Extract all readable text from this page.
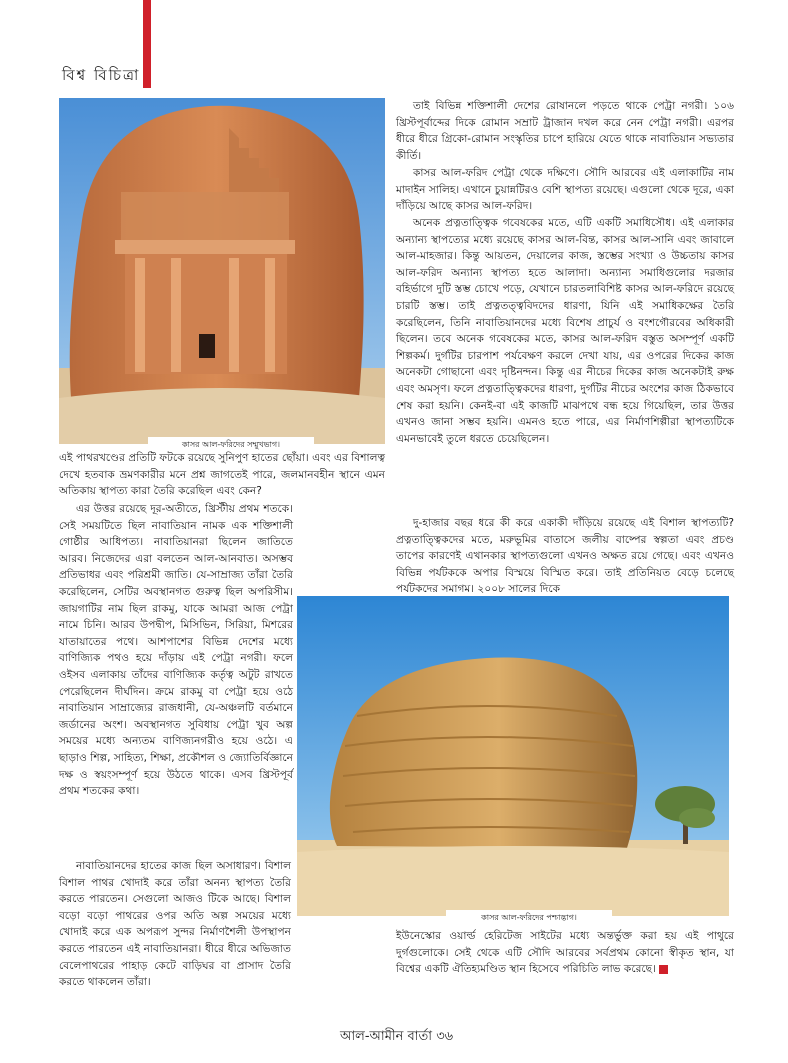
বিশ্ব বিচিত্রা
কাসর আল-ফরিদের সম্মুখভাগ।
কাসর আল-ফরিদের পশ্চাদ্ভাগ।

তাই বিভিন্ন শক্তিশালী দেশের রোষানলে পড়তে থাকে পেট্রা নগরী। ১০৬ খ্রিস্টপূর্বাব্দের দিকে রোমান সম্রাট ট্রাজান দখল করে নেন পেট্রা নগরী। এরপর ধীরে ধীরে গ্রিকো-রোমান সংস্কৃতির চাপে হারিয়ে যেতে থাকে নাবাতিয়ান সভ্যতার কীর্তি।

কাসর আল-ফরিদ পেট্রা থেকে দক্ষিণে। সৌদি আরবের এই এলাকাটির নাম মাদাইন সালিহ। এখানে চুয়ান্নটিরও বেশি স্থাপত্য রয়েছে। এগুলো থেকে দূরে, একা দাঁড়িয়ে আছে কাসর আল-ফরিদ।

অনেক প্রত্নতাত্ত্বিক গবেষকের মতে, এটি একটি সমাধিসৌধ। এই এলাকার অন্যান্য স্থাপত্যের মধ্যে রয়েছে কাসর আল-বিন্ত, কাসর আল-সানি এবং জাবালে আল-মাহজার। কিন্তু আয়তন, দেয়ালের কাজ, স্তম্ভের সংখ্যা ও উচ্চতায় কাসর আল-ফরিদ অন্যান্য স্থাপত্য হতে আলাদা। অন্যান্য সমাধিগুলোর দরজার বহির্ভাগে দুটি স্তম্ভ চোখে পড়ে, যেখানে চারতলাবিশিষ্ট কাসর আল-ফরিদে রয়েছে চারটি স্তম্ভ। তাই প্রত্নতত্ত্ববিদদের ধারণা, যিনি এই সমাধিকক্ষের তৈরি করেছিলেন, তিনি নাবাতিয়ানদের মধ্যে বিশেষ প্রাচুর্য ও বংশগৌরবের অধিকারী ছিলেন। তবে অনেক গবেষকের মতে, কাসর আল-ফরিদ বস্তুত অসম্পূর্ণ একটি শিল্পকর্ম। দুর্গটির চারপাশ পর্যবেক্ষণ করলে দেখা যায়, এর ওপরের দিকের কাজ অনেকটা গোছানো এবং দৃষ্টিনন্দন। কিন্তু এর নীচের দিকের কাজ অনেকটাই রুক্ষ এবং অমসৃণ। ফলে প্রত্নতাত্ত্বিকদের ধারণা, দুর্গটির নীচের অংশের কাজ ঠিকভাবে শেষ করা হয়নি। কেনই-বা এই কাজটি মাঝপথে বন্ধ হয়ে গিয়েছিল, তার উত্তর এখনও জানা সম্ভব হয়নি। এমনও হতে পারে, এর নির্মাণশিল্পীরা স্থাপত্যটিকে এমনভাবেই তুলে ধরতে চেয়েছিলেন।

দু-হাজার বছর ধরে কী করে একাকী দাঁড়িয়ে রয়েছে এই বিশাল স্থাপত্যটি? প্রত্নতাত্ত্বিকদের মতে, মরুভূমির বাতাসে জলীয় বাষ্পের স্বল্পতা এবং প্রচণ্ড তাপের কারণেই এখানকার স্থাপত্যগুলো এখনও অক্ষত রয়ে গেছে। এবং এখনও বিভিন্ন পর্যটককে অপার বিস্ময়ে বিস্মিত করে। তাই প্রতিনিয়ত বেড়ে চলেছে পর্যটকদের সমাগম। ২০০৮ সালের দিকে

এই পাথরখণ্ডের প্রতিটি ফটকে রয়েছে সুনিপুণ হাতের ছোঁয়া। এবং এর বিশালত্ব দেখে হতবাক ভ্রমণকারীর মনে প্রশ্ন জাগতেই পারে, জলমানবহীন স্থানে এমন অতিকায় স্থাপত্য কারা তৈরি করেছিল এবং কেন?

এর উত্তর রয়েছে দূর-অতীতে, খ্রিস্টীয় প্রথম শতকে। সেই সময়টিতে ছিল নাবাতিয়ান নামক এক শক্তিশালী গোষ্ঠীর আধিপত্য। নাবাতিয়ানরা ছিলেন জাতিতে আরব। নিজেদের এরা বলতেন আল-আনবাত। অসম্ভব প্রতিভাধর এবং পরিশ্রমী জাতি। যে-সাম্রাজ্য তাঁরা তৈরি করেছিলেন, সেটির অবস্থানগত গুরুত্ব ছিল অপরিসীম। জায়গাটির নাম ছিল রাকমু, যাকে আমরা আজ পেট্রা নামে চিনি। আরব উপদ্বীপ, মিসিভিন, সিরিয়া, মিশরের যাতায়াতের পথে। আশপাশের বিভিন্ন দেশের মধ্যে বাণিজ্যিক পথও হয়ে দাঁড়ায় এই পেট্রা নগরী। ফলে ওইসব এলাকায় তাঁদের বাণিজ্যিক কর্তৃত্ব অটুট রাখতে পেরেছিলেন দীর্ঘদিন। ক্রমে রাকমু বা পেট্রা হয়ে ওঠে নাবাতিয়ান সাম্রাজ্যের রাজধানী, যে-অঞ্চলটি বর্তমানে জর্ডানের অংশ। অবস্থানগত সুবিধায় পেট্রা খুব অল্প সময়ের মধ্যে অন্যতম বাণিজ্যনগরীও হয়ে ওঠে। এ ছাড়াও শিল্প, সাহিত্য, শিক্ষা, প্রকৌশল ও জ্যোতির্বিজ্ঞানে দক্ষ ও স্বয়ংসম্পূর্ণ হয়ে উঠতে থাকে। এসব খ্রিস্টপূর্ব প্রথম শতকের কথা।

নাবাতিয়ানদের হাতের কাজ ছিল অসাধারণ। বিশাল বিশাল পাথর খোদাই করে তাঁরা অনন্য স্থাপত্য তৈরি করতে পারতেন। সেগুলো আজও টিকে আছে। বিশাল বড়ো বড়ো পাথরের ওপর অতি অল্প সময়ের মধ্যে খোদাই করে এক অপরূপ সুন্দর নির্মাণশৈলী উপস্থাপন করতে পারতেন এই নাবাতিয়ানরা। ধীরে ধীরে অভিজাত বেলেপাথরের পাহাড় কেটে বাড়িঘর বা প্রাসাদ তৈরি করতে থাকলেন তাঁরা।

ইউনেস্কোর ওয়ার্ল্ড হেরিটেজ সাইটের মধ্যে অন্তর্ভুক্ত করা হয় এই পাথুরে দুর্গগুলোকে। সেই থেকে এটি সৌদি আরবের সর্বপ্রথম কোনো স্বীকৃত স্থান, যা বিশ্বের একটি ঐতিহ্যমণ্ডিত স্থান হিসেবে পরিচিতি লাভ করেছে।

আল-আমীন বার্তা ৩৬
